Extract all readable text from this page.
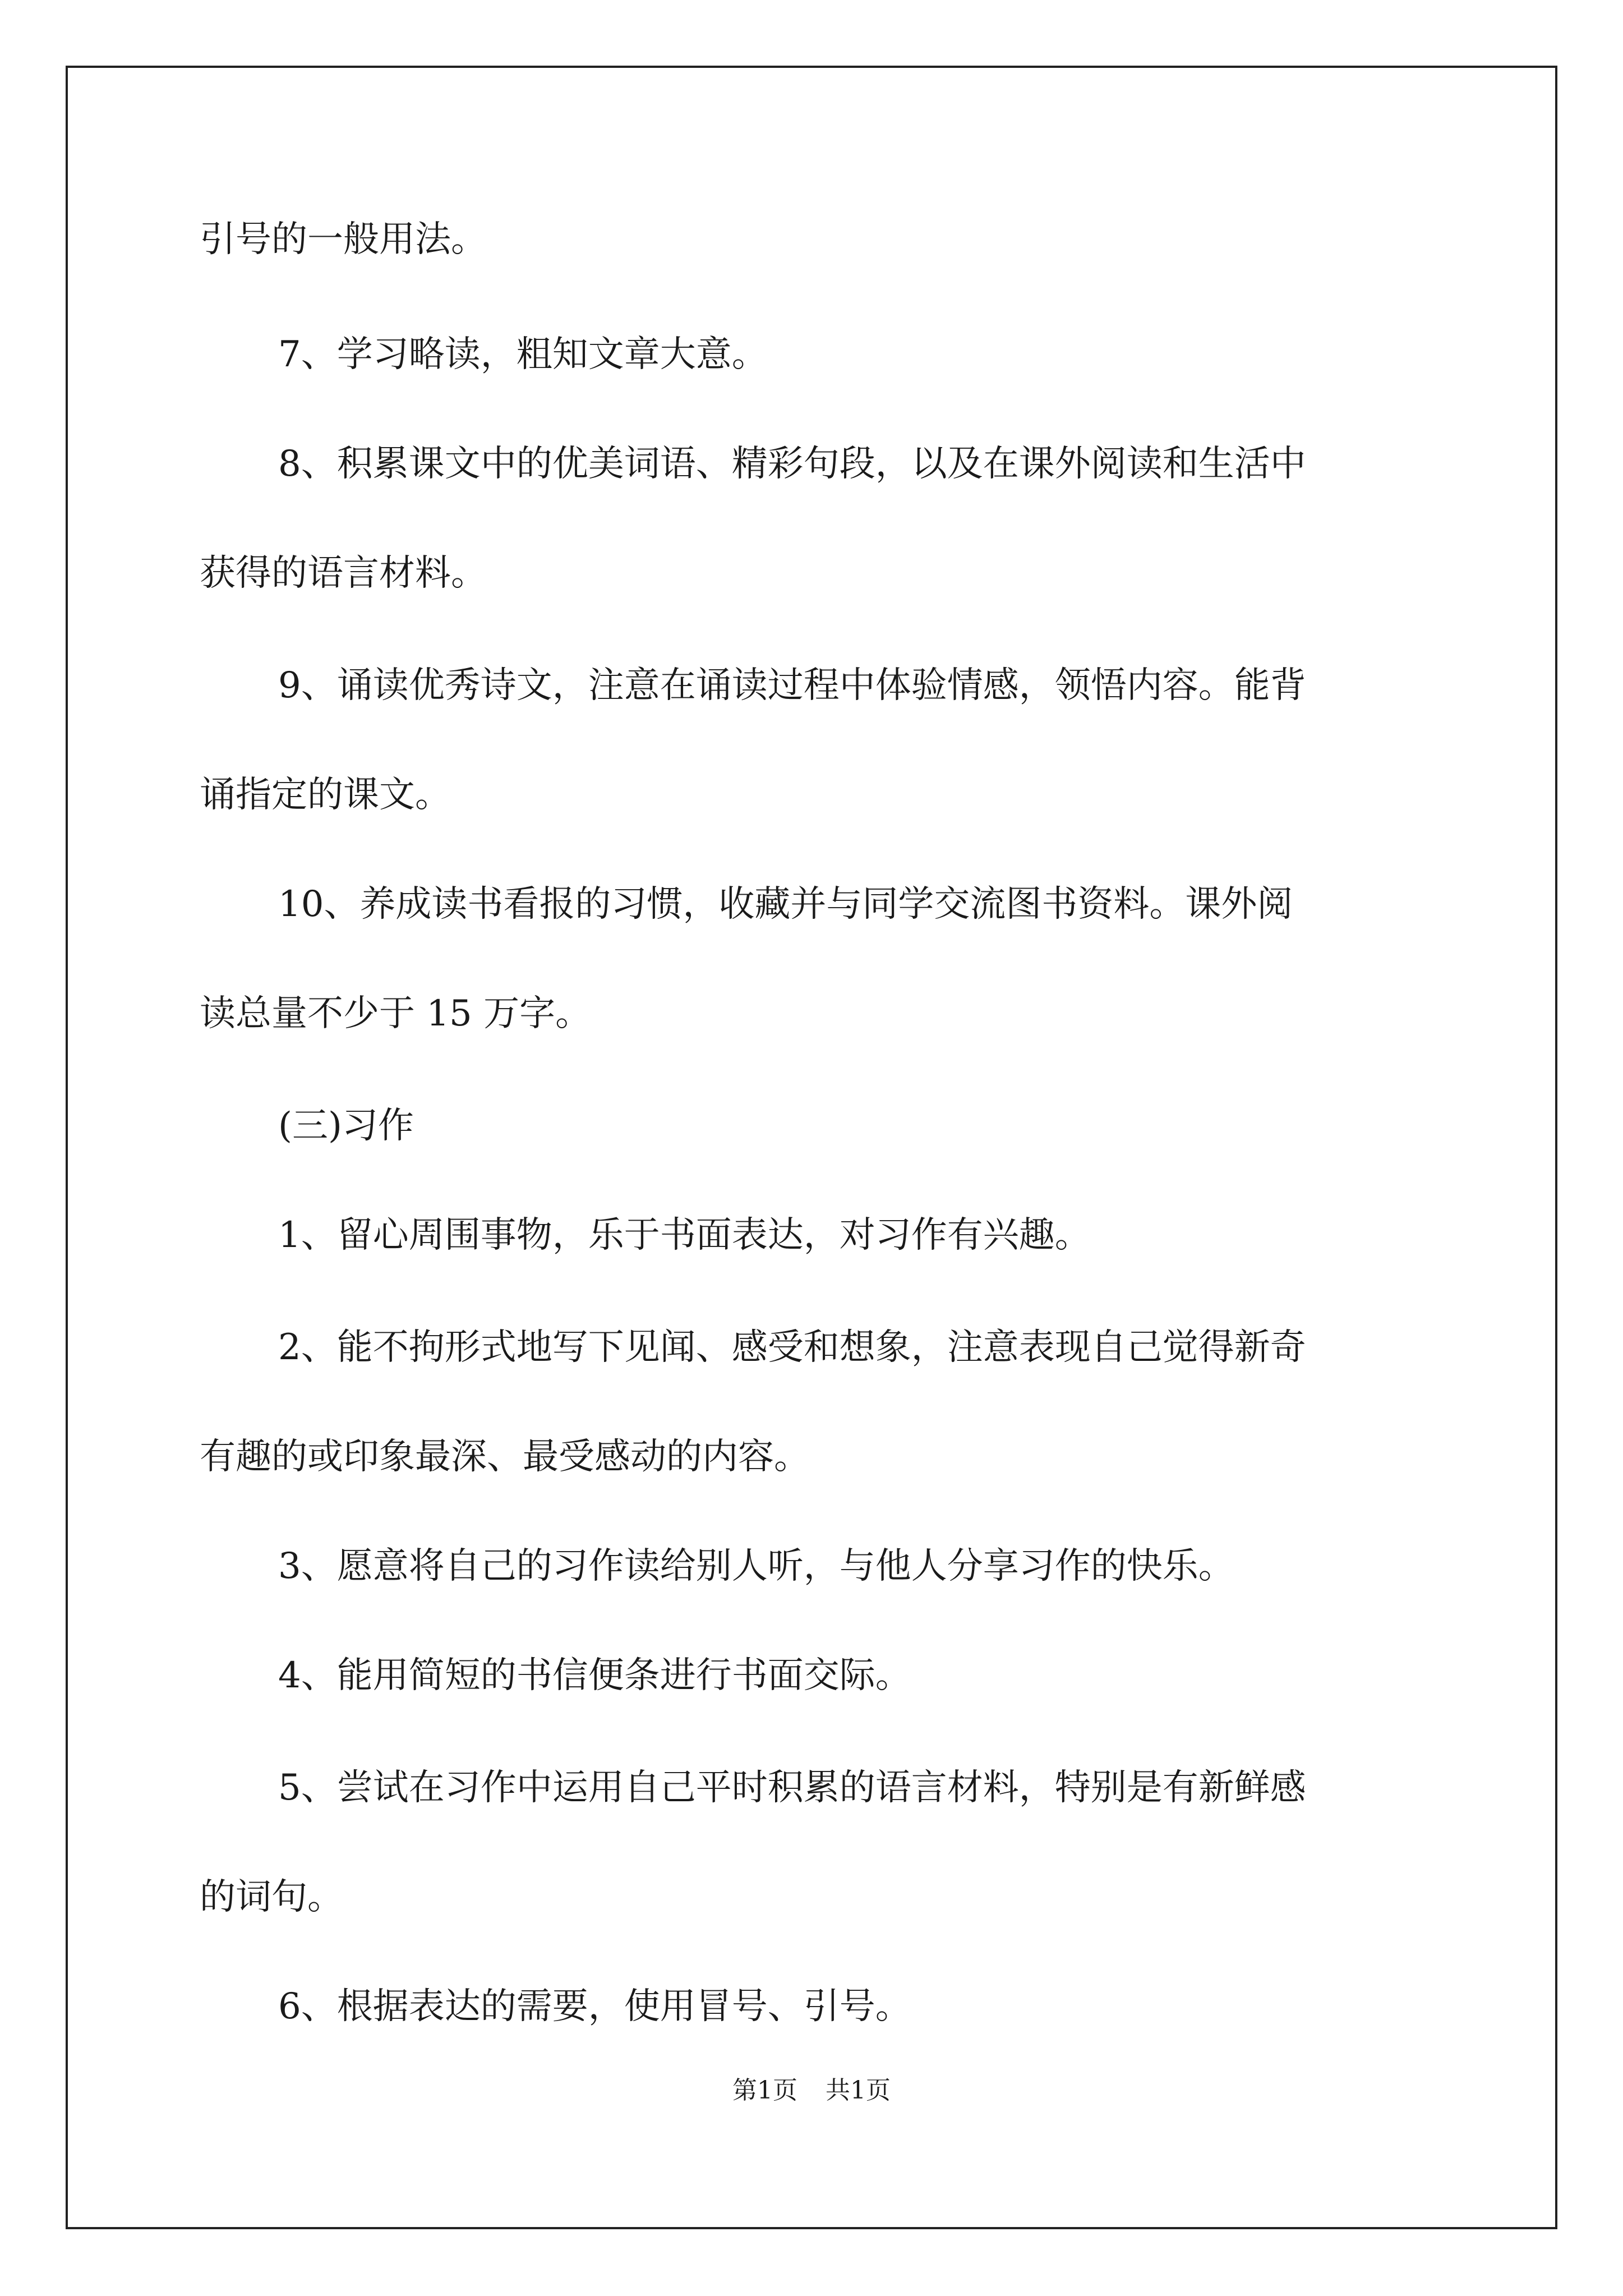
引号的一般用法。
7、学习略读，粗知文章大意。
8、积累课文中的优美词语、精彩句段，以及在课外阅读和生活中
获得的语言材料。
9、诵读优秀诗文，注意在诵读过程中体验情感，领悟内容。能背
诵指定的课文。
10、养成读书看报的习惯，收藏并与同学交流图书资料。课外阅
读总量不少于 15 万字。
(三)习作
1、留心周围事物，乐于书面表达，对习作有兴趣。
2、能不拘形式地写下见闻、感受和想象，注意表现自己觉得新奇
有趣的或印象最深、最受感动的内容。
3、愿意将自己的习作读给别人听，与他人分享习作的快乐。
4、能用简短的书信便条进行书面交际。
5、尝试在习作中运用自己平时积累的语言材料，特别是有新鲜感
的词句。
6、根据表达的需要，使用冒号、引号。
第1页 共1页
